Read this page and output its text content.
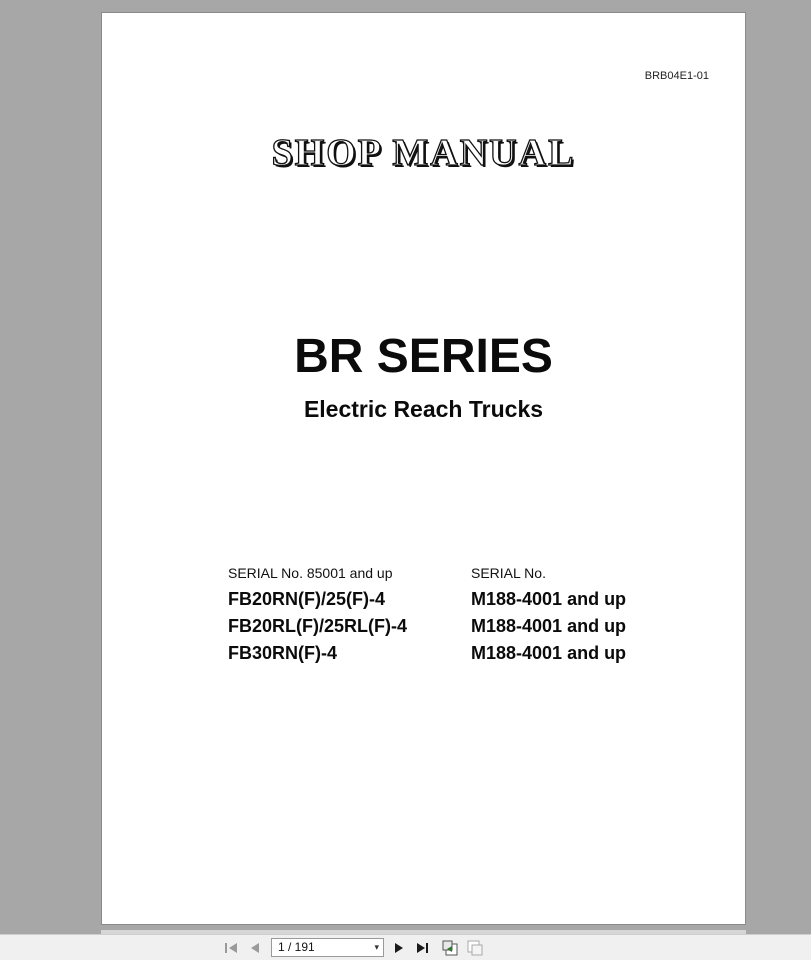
BRB04E1-01
SHOP MANUAL
BR SERIES
Electric Reach Trucks
SERIAL No. 85001 and up
FB20RN(F)/25(F)-4
FB20RL(F)/25RL(F)-4
FB30RN(F)-4
SERIAL No.
M188-4001 and up
M188-4001 and up
M188-4001 and up
1 / 191	▾
